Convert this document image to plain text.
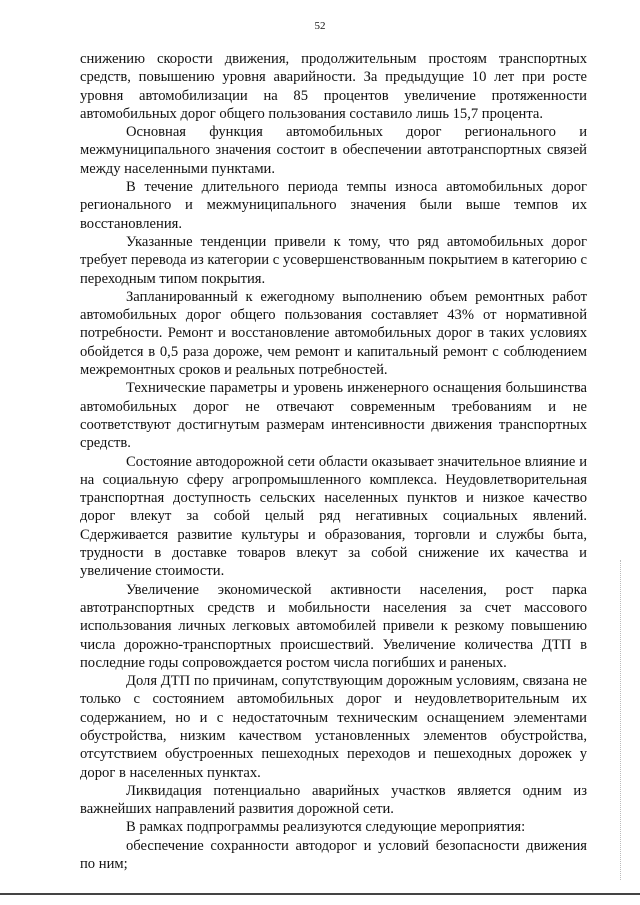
52

снижению скорости движения, продолжительным простоям транспортных средств, повышению уровня аварийности. За предыдущие 10 лет при росте уровня автомобилизации на 85 процентов увеличение протяженности автомобильных дорог общего пользования составило лишь 15,7 процента.

Основная функция автомобильных дорог регионального и межмуниципального значения состоит в обеспечении автотранспортных связей между населенными пунктами.

В течение длительного периода темпы износа автомобильных дорог регионального и межмуниципального значения были выше темпов их восстановления.

Указанные тенденции привели к тому, что ряд автомобильных дорог требует перевода из категории с усовершенствованным покрытием в категорию с переходным типом покрытия.

Запланированный к ежегодному выполнению объем ремонтных работ автомобильных дорог общего пользования составляет 43% от нормативной потребности. Ремонт и восстановление автомобильных дорог в таких условиях обойдется в 0,5 раза дороже, чем ремонт и капитальный ремонт с соблюдением межремонтных сроков и реальных потребностей.

Технические параметры и уровень инженерного оснащения большинства автомобильных дорог не отвечают современным требованиям и не соответствуют достигнутым размерам интенсивности движения транспортных средств.

Состояние автодорожной сети области оказывает значительное влияние и на социальную сферу агропромышленного комплекса. Неудовлетворительная транспортная доступность сельских населенных пунктов и низкое качество дорог влекут за собой целый ряд негативных социальных явлений. Сдерживается развитие культуры и образования, торговли и службы быта, трудности в доставке товаров влекут за собой снижение их качества и увеличение стоимости.

Увеличение экономической активности населения, рост парка автотранспортных средств и мобильности населения за счет массового использования личных легковых автомобилей привели к резкому повышению числа дорожно-транспортных происшествий. Увеличение количества ДТП в последние годы сопровождается ростом числа погибших и раненых.

Доля ДТП по причинам, сопутствующим дорожным условиям, связана не только с состоянием автомобильных дорог и неудовлетворительным их содержанием, но и с недостаточным техническим оснащением элементами обустройства, низким качеством установленных элементов обустройства, отсутствием обустроенных пешеходных переходов и пешеходных дорожек у дорог в населенных пунктах.

Ликвидация потенциально аварийных участков является одним из важнейших направлений развития дорожной сети.

В рамках подпрограммы реализуются следующие мероприятия:

обеспечение сохранности автодорог и условий безопасности движения по ним;
